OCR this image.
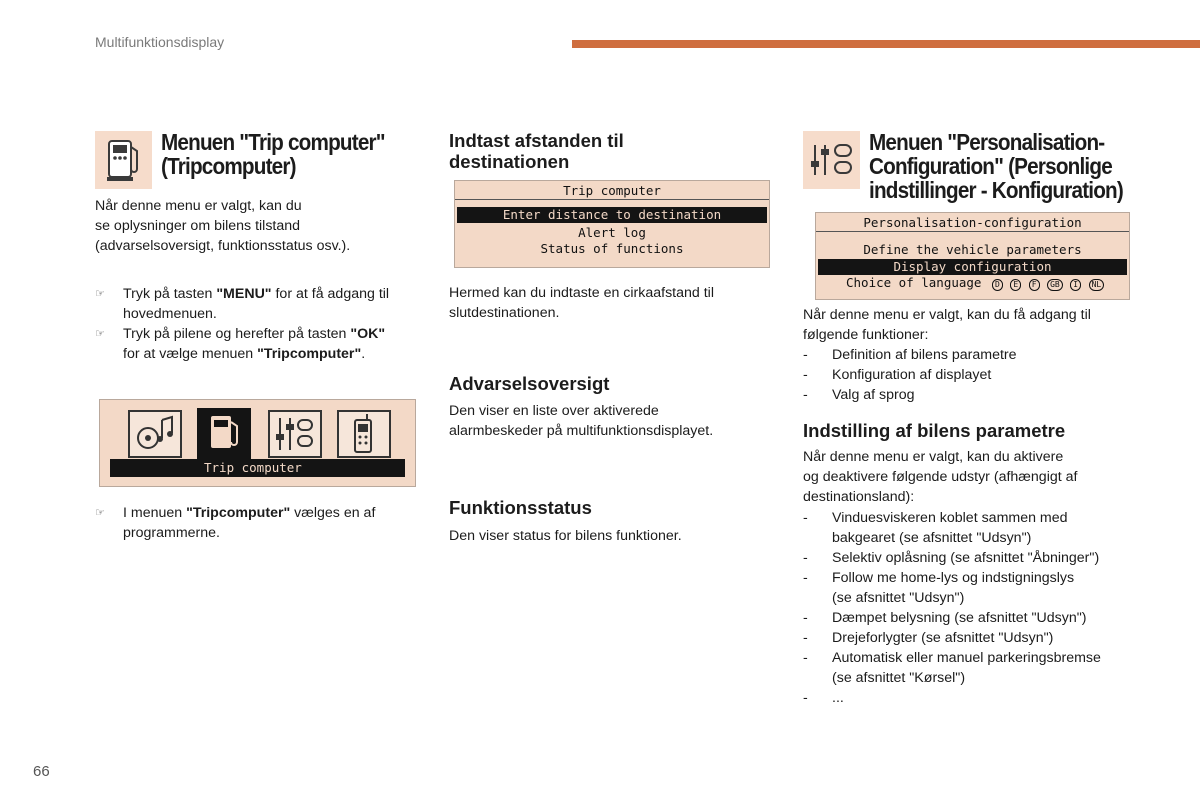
Multifunktionsdisplay
Menuen "Trip computer"
(Tripcomputer)
Når denne menu er valgt, kan du
se oplysninger om bilens tilstand
(advarselsoversigt, funktionsstatus osv.).
☞ Tryk på tasten "MENU" for at få adgang til
hovedmenuen.
☞ Tryk på pilene og herefter på tasten "OK"
for at vælge menuen "Tripcomputer".
Trip computer
☞ I menuen "Tripcomputer" vælges en af
programmerne.
Indtast afstanden til
destinationen
Trip computer
Enter distance to destination
Alert log
Status of functions
Hermed kan du indtaste en cirkaafstand til
slutdestinationen.
Advarselsoversigt
Den viser en liste over aktiverede
alarmbeskeder på multifunktionsdisplayet.
Funktionsstatus
Den viser status for bilens funktioner.
Menuen "Personalisation-
Configuration" (Personlige
indstillinger - Konfiguration)
Personalisation-configuration
Define the vehicle parameters
Display configuration
Choice of language D E F GB I NL
Når denne menu er valgt, kan du få adgang til
følgende funktioner:
- Definition af bilens parametre
- Konfiguration af displayet
- Valg af sprog
Indstilling af bilens parametre
Når denne menu er valgt, kan du aktivere
og deaktivere følgende udstyr (afhængigt af
destinationsland):
- Vinduesviskeren koblet sammen med
bakgearet (se afsnittet "Udsyn")
- Selektiv oplåsning (se afsnittet "Åbninger")
- Follow me home-lys og indstigningslys
(se afsnittet "Udsyn")
- Dæmpet belysning (se afsnittet "Udsyn")
- Drejeforlygter (se afsnittet "Udsyn")
- Automatisk eller manuel parkeringsbremse
(se afsnittet "Kørsel")
- ...
66
